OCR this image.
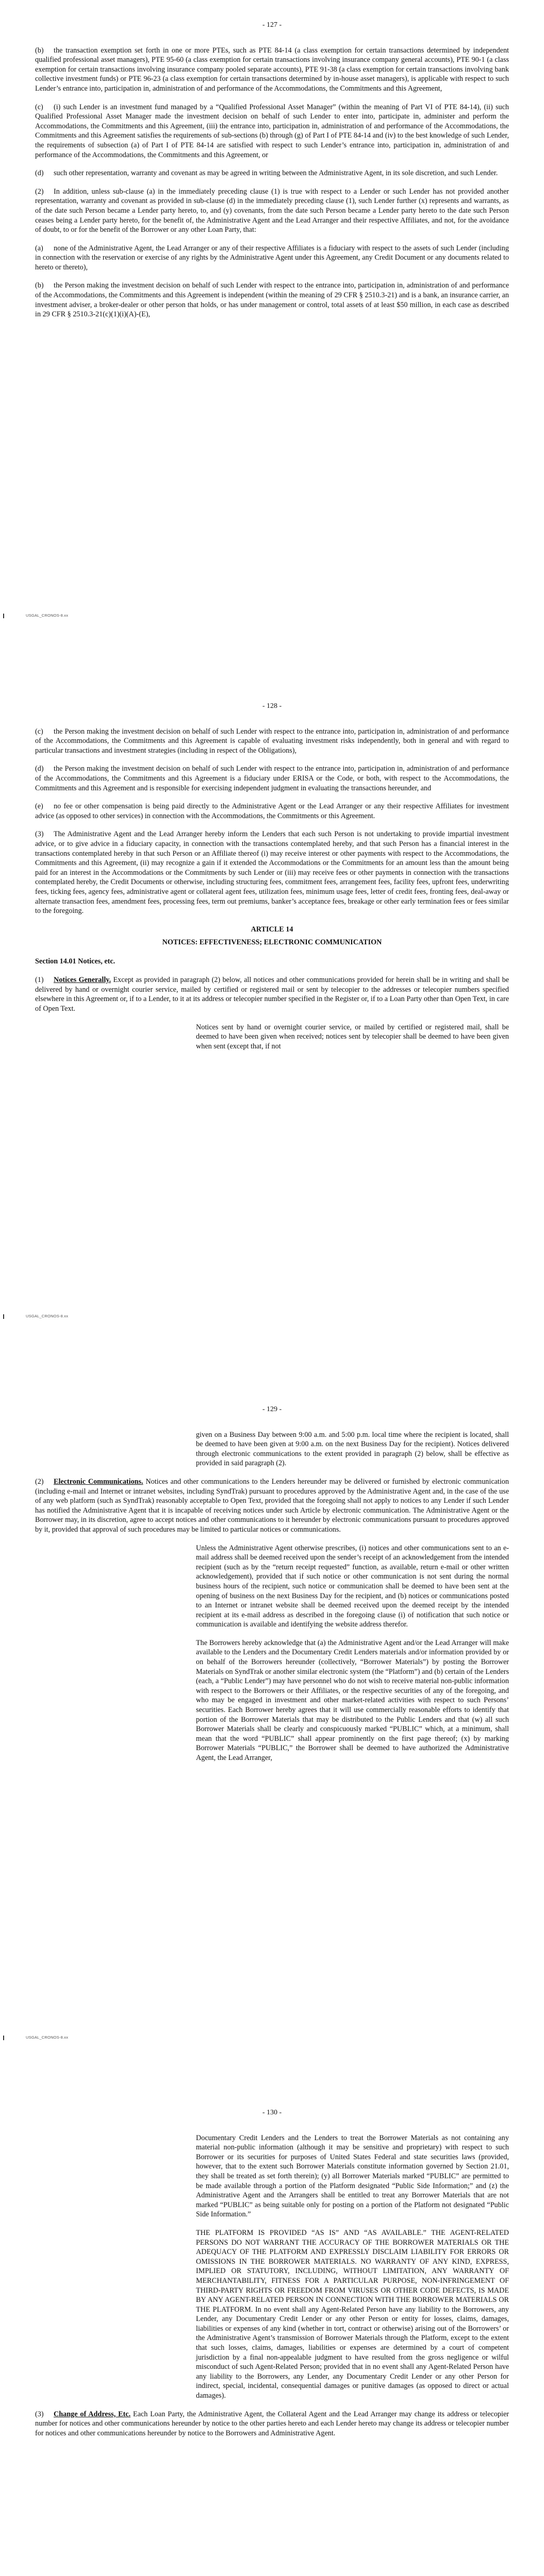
- 127 -

(b) the transaction exemption set forth in one or more PTEs, such as PTE 84-14 (a class exemption for certain transactions determined by independent qualified professional asset managers), PTE 95-60 (a class exemption for certain transactions involving insurance company general accounts), PTE 90-1 (a class exemption for certain transactions involving insurance company pooled separate accounts), PTE 91-38 (a class exemption for certain transactions involving bank collective investment funds) or PTE 96-23 (a class exemption for certain transactions determined by in-house asset managers), is applicable with respect to such Lender’s entrance into, participation in, administration of and performance of the Accommodations, the Commitments and this Agreement,

(c) (i) such Lender is an investment fund managed by a “Qualified Professional Asset Manager” (within the meaning of Part VI of PTE 84-14), (ii) such Qualified Professional Asset Manager made the investment decision on behalf of such Lender to enter into, participate in, administer and perform the Accommodations, the Commitments and this Agreement, (iii) the entrance into, participation in, administration of and performance of the Accommodations, the Commitments and this Agreement satisfies the requirements of sub-sections (b) through (g) of Part I of PTE 84-14 and (iv) to the best knowledge of such Lender, the requirements of subsection (a) of Part I of PTE 84-14 are satisfied with respect to such Lender’s entrance into, participation in, administration of and performance of the Accommodations, the Commitments and this Agreement, or

(d) such other representation, warranty and covenant as may be agreed in writing between the Administrative Agent, in its sole discretion, and such Lender.

(2) In addition, unless sub-clause (a) in the immediately preceding clause (1) is true with respect to a Lender or such Lender has not provided another representation, warranty and covenant as provided in sub-clause (d) in the immediately preceding clause (1), such Lender further (x) represents and warrants, as of the date such Person became a Lender party hereto, to, and (y) covenants, from the date such Person became a Lender party hereto to the date such Person ceases being a Lender party hereto, for the benefit of, the Administrative Agent and the Lead Arranger and their respective Affiliates, and not, for the avoidance of doubt, to or for the benefit of the Borrower or any other Loan Party, that:

(a) none of the Administrative Agent, the Lead Arranger or any of their respective Affiliates is a fiduciary with respect to the assets of such Lender (including in connection with the reservation or exercise of any rights by the Administrative Agent under this Agreement, any Credit Document or any documents related to hereto or thereto),

(b) the Person making the investment decision on behalf of such Lender with respect to the entrance into, participation in, administration of and performance of the Accommodations, the Commitments and this Agreement is independent (within the meaning of 29 CFR § 2510.3-21) and is a bank, an insurance carrier, an investment adviser, a broker-dealer or other person that holds, or has under management or control, total assets of at least $50 million, in each case as described in 29 CFR § 2510.3-21(c)(1)(i)(A)-(E),

USGAL_CRONOS-8.xx
- 128 -

(c) the Person making the investment decision on behalf of such Lender with respect to the entrance into, participation in, administration of and performance of the Accommodations, the Commitments and this Agreement is capable of evaluating investment risks independently, both in general and with regard to particular transactions and investment strategies (including in respect of the Obligations),

(d) the Person making the investment decision on behalf of such Lender with respect to the entrance into, participation in, administration of and performance of the Accommodations, the Commitments and this Agreement is a fiduciary under ERISA or the Code, or both, with respect to the Accommodations, the Commitments and this Agreement and is responsible for exercising independent judgment in evaluating the transactions hereunder, and

(e) no fee or other compensation is being paid directly to the Administrative Agent or the Lead Arranger or any their respective Affiliates for investment advice (as opposed to other services) in connection with the Accommodations, the Commitments or this Agreement.

(3) The Administrative Agent and the Lead Arranger hereby inform the Lenders that each such Person is not undertaking to provide impartial investment advice, or to give advice in a fiduciary capacity, in connection with the transactions contemplated hereby, and that such Person has a financial interest in the transactions contemplated hereby in that such Person or an Affiliate thereof (i) may receive interest or other payments with respect to the Accommodations, the Commitments and this Agreement, (ii) may recognize a gain if it extended the Accommodations or the Commitments for an amount less than the amount being paid for an interest in the Accommodations or the Commitments by such Lender or (iii) may receive fees or other payments in connection with the transactions contemplated hereby, the Credit Documents or otherwise, including structuring fees, commitment fees, arrangement fees, facility fees, upfront fees, underwriting fees, ticking fees, agency fees, administrative agent or collateral agent fees, utilization fees, minimum usage fees, letter of credit fees, fronting fees, deal-away or alternate transaction fees, amendment fees, processing fees, term out premiums, banker’s acceptance fees, breakage or other early termination fees or fees similar to the foregoing.

ARTICLE 14
NOTICES: EFFECTIVENESS; ELECTRONIC COMMUNICATION
Section 14.01 Notices, etc.

(1) Notices Generally. Except as provided in paragraph (2) below, all notices and other communications provided for herein shall be in writing and shall be delivered by hand or overnight courier service, mailed by certified or registered mail or sent by telecopier to the addresses or telecopier numbers specified elsewhere in this Agreement or, if to a Lender, to it at its address or telecopier number specified in the Register or, if to a Loan Party other than Open Text, in care of Open Text.

Notices sent by hand or overnight courier service, or mailed by certified or registered mail, shall be deemed to have been given when received; notices sent by telecopier shall be deemed to have been given when sent (except that, if not

USGAL_CRONOS-8.xx
- 129 -

given on a Business Day between 9:00 a.m. and 5:00 p.m. local time where the recipient is located, shall be deemed to have been given at 9:00 a.m. on the next Business Day for the recipient). Notices delivered through electronic communications to the extent provided in paragraph (2) below, shall be effective as provided in said paragraph (2).

(2) Electronic Communications. Notices and other communications to the Lenders hereunder may be delivered or furnished by electronic communication (including e-mail and Internet or intranet websites, including SyndTrak) pursuant to procedures approved by the Administrative Agent and, in the case of the use of any web platform (such as SyndTrak) reasonably acceptable to Open Text, provided that the foregoing shall not apply to notices to any Lender if such Lender has notified the Administrative Agent that it is incapable of receiving notices under such Article by electronic communication. The Administrative Agent or the Borrower may, in its discretion, agree to accept notices and other communications to it hereunder by electronic communications pursuant to procedures approved by it, provided that approval of such procedures may be limited to particular notices or communications.

Unless the Administrative Agent otherwise prescribes, (i) notices and other communications sent to an e-mail address shall be deemed received upon the sender’s receipt of an acknowledgement from the intended recipient (such as by the “return receipt requested” function, as available, return e-mail or other written acknowledgement), provided that if such notice or other communication is not sent during the normal business hours of the recipient, such notice or communication shall be deemed to have been sent at the opening of business on the next Business Day for the recipient, and (b) notices or communications posted to an Internet or intranet website shall be deemed received upon the deemed receipt by the intended recipient at its e-mail address as described in the foregoing clause (i) of notification that such notice or communication is available and identifying the website address therefor.

The Borrowers hereby acknowledge that (a) the Administrative Agent and/or the Lead Arranger will make available to the Lenders and the Documentary Credit Lenders materials and/or information provided by or on behalf of the Borrowers hereunder (collectively, “Borrower Materials”) by posting the Borrower Materials on SyndTrak or another similar electronic system (the “Platform”) and (b) certain of the Lenders (each, a “Public Lender”) may have personnel who do not wish to receive material non-public information with respect to the Borrowers or their Affiliates, or the respective securities of any of the foregoing, and who may be engaged in investment and other market-related activities with respect to such Persons’ securities. Each Borrower hereby agrees that it will use commercially reasonable efforts to identify that portion of the Borrower Materials that may be distributed to the Public Lenders and that (w) all such Borrower Materials shall be clearly and conspicuously marked “PUBLIC” which, at a minimum, shall mean that the word “PUBLIC” shall appear prominently on the first page thereof; (x) by marking Borrower Materials “PUBLIC,” the Borrower shall be deemed to have authorized the Administrative Agent, the Lead Arranger,

USGAL_CRONOS-8.xx
- 130 -

Documentary Credit Lenders and the Lenders to treat the Borrower Materials as not containing any material non-public information (although it may be sensitive and proprietary) with respect to such Borrower or its securities for purposes of United States Federal and state securities laws (provided, however, that to the extent such Borrower Materials constitute information governed by Section 21.01, they shall be treated as set forth therein); (y) all Borrower Materials marked “PUBLIC” are permitted to be made available through a portion of the Platform designated “Public Side Information;” and (z) the Administrative Agent and the Arrangers shall be entitled to treat any Borrower Materials that are not marked “PUBLIC” as being suitable only for posting on a portion of the Platform not designated “Public Side Information.”

THE PLATFORM IS PROVIDED “AS IS” AND “AS AVAILABLE.” THE AGENT-RELATED PERSONS DO NOT WARRANT THE ACCURACY OF THE BORROWER MATERIALS OR THE ADEQUACY OF THE PLATFORM AND EXPRESSLY DISCLAIM LIABILITY FOR ERRORS OR OMISSIONS IN THE BORROWER MATERIALS. NO WARRANTY OF ANY KIND, EXPRESS, IMPLIED OR STATUTORY, INCLUDING, WITHOUT LIMITATION, ANY WARRANTY OF MERCHANTABILITY, FITNESS FOR A PARTICULAR PURPOSE, NON-INFRINGEMENT OF THIRD-PARTY RIGHTS OR FREEDOM FROM VIRUSES OR OTHER CODE DEFECTS, IS MADE BY ANY AGENT-RELATED PERSON IN CONNECTION WITH THE BORROWER MATERIALS OR THE PLATFORM. In no event shall any Agent-Related Person have any liability to the Borrowers, any Lender, any Documentary Credit Lender or any other Person or entity for losses, claims, damages, liabilities or expenses of any kind (whether in tort, contract or otherwise) arising out of the Borrowers’ or the Administrative Agent’s transmission of Borrower Materials through the Platform, except to the extent that such losses, claims, damages, liabilities or expenses are determined by a court of competent jurisdiction by a final non-appealable judgment to have resulted from the gross negligence or wilful misconduct of such Agent-Related Person; provided that in no event shall any Agent-Related Person have any liability to the Borrowers, any Lender, any Documentary Credit Lender or any other Person for indirect, special, incidental, consequential damages or punitive damages (as opposed to direct or actual damages).

(3) Change of Address, Etc. Each Loan Party, the Administrative Agent, the Collateral Agent and the Lead Arranger may change its address or telecopier number for notices and other communications hereunder by notice to the other parties hereto and each Lender hereto may change its address or telecopier number for notices and other communications hereunder by notice to the Borrowers and Administrative Agent.
